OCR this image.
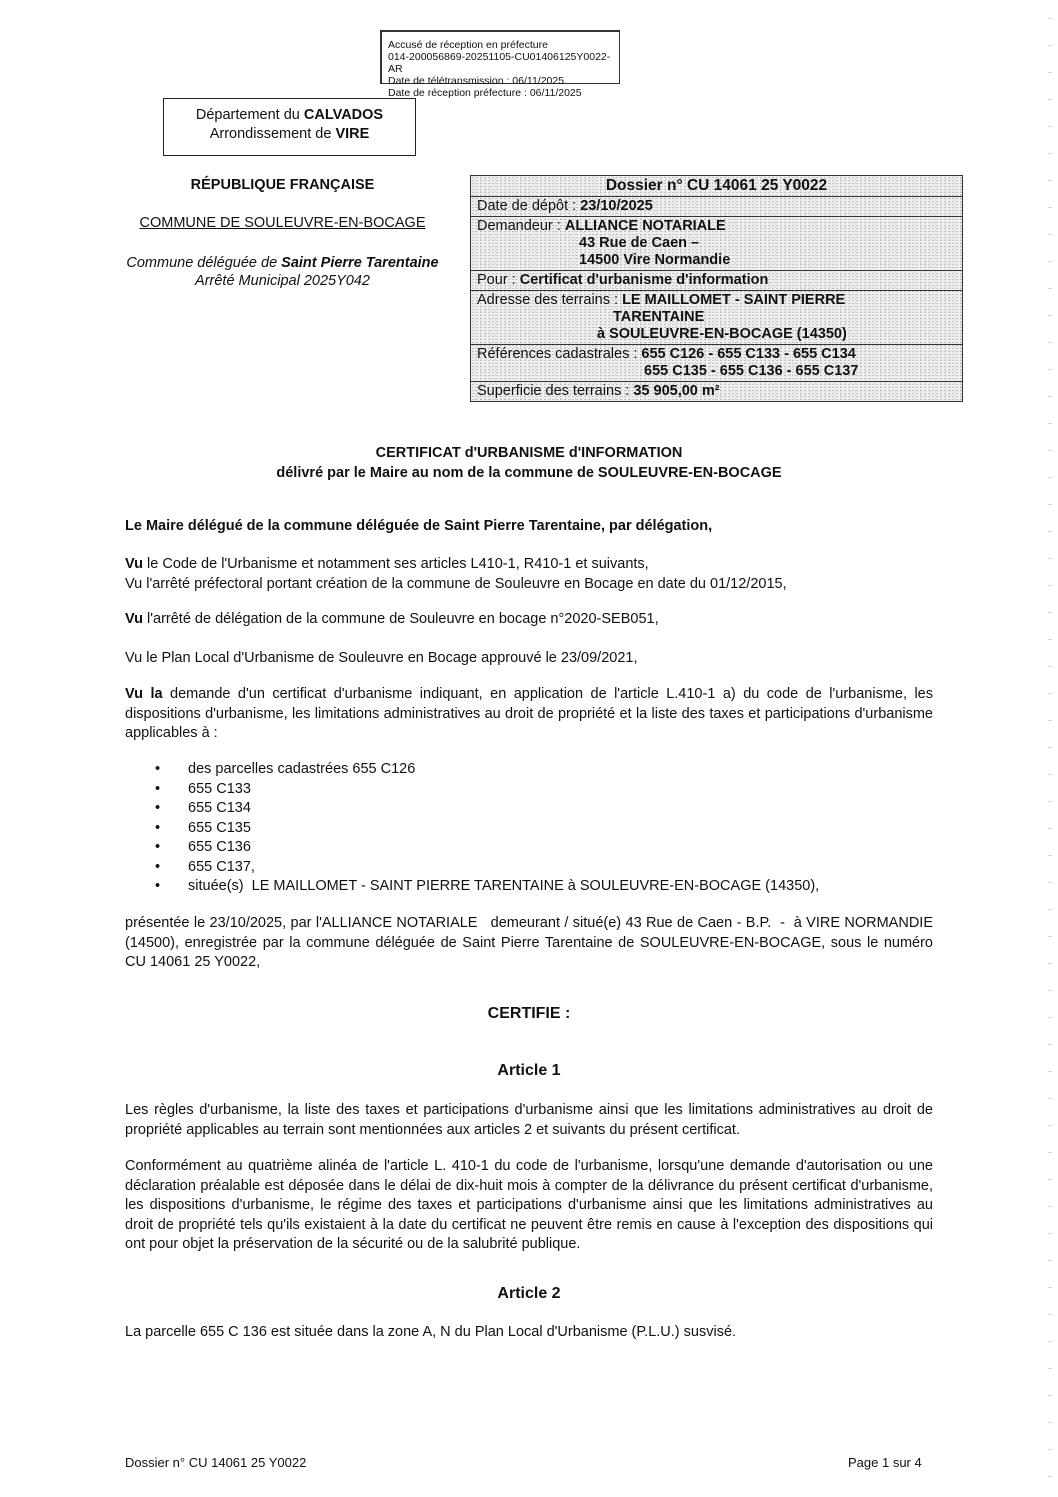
Accusé de réception en préfecture
014-200056869-20251105-CU01406125Y0022-AR
Date de télétransmission : 06/11/2025
Date de réception préfecture : 06/11/2025
Département du CALVADOS
Arrondissement de VIRE
RÉPUBLIQUE FRANÇAISE
COMMUNE DE SOULEUVRE-EN-BOCAGE
Commune déléguée de Saint Pierre Tarentaine
Arrêté Municipal 2025Y042
Dossier n° CU 14061 25 Y0022
Date de dépôt : 23/10/2025
Demandeur : ALLIANCE NOTARIALE
43 Rue de Caen –
14500 Vire Normandie
Pour : Certificat d'urbanisme d'information
Adresse des terrains : LE MAILLOMET - SAINT PIERRE
TARENTAINE
à SOULEUVRE-EN-BOCAGE (14350)
Références cadastrales : 655 C126 - 655 C133 - 655 C134
655 C135 - 655 C136 - 655 C137
Superficie des terrains : 35 905,00 m²
CERTIFICAT d'URBANISME d'INFORMATION
délivré par le Maire au nom de la commune de SOULEUVRE-EN-BOCAGE
Le Maire délégué de la commune déléguée de Saint Pierre Tarentaine, par délégation,
Vu le Code de l'Urbanisme et notamment ses articles L410-1, R410-1 et suivants,
Vu l'arrêté préfectoral portant création de la commune de Souleuvre en Bocage en date du 01/12/2015,
Vu l'arrêté de délégation de la commune de Souleuvre en bocage n°2020-SEB051,
Vu le Plan Local d'Urbanisme de Souleuvre en Bocage approuvé le 23/09/2021,
Vu la demande d'un certificat d'urbanisme indiquant, en application de l'article L.410-1 a) du code de l'urbanisme, les dispositions d'urbanisme, les limitations administratives au droit de propriété et la liste des taxes et participations d'urbanisme applicables à :
• des parcelles cadastrées 655 C126
• 655 C133
• 655 C134
• 655 C135
• 655 C136
• 655 C137,
• située(s)  LE MAILLOMET - SAINT PIERRE TARENTAINE à SOULEUVRE-EN-BOCAGE (14350),
présentée le 23/10/2025, par l'ALLIANCE NOTARIALE   demeurant / situé(e) 43 Rue de Caen - B.P.  -  à VIRE NORMANDIE (14500), enregistrée par la commune déléguée de Saint Pierre Tarentaine de SOULEUVRE-EN-BOCAGE, sous le numéro CU 14061 25 Y0022,
CERTIFIE :
Article 1
Les règles d'urbanisme, la liste des taxes et participations d'urbanisme ainsi que les limitations administratives au droit de propriété applicables au terrain sont mentionnées aux articles 2 et suivants du présent certificat.
Conformément au quatrième alinéa de l'article L. 410-1 du code de l'urbanisme, lorsqu'une demande d'autorisation ou une déclaration préalable est déposée dans le délai de dix-huit mois à compter de la délivrance du présent certificat d'urbanisme, les dispositions d'urbanisme, le régime des taxes et participations d'urbanisme ainsi que les limitations administratives au droit de propriété tels qu'ils existaient à la date du certificat ne peuvent être remis en cause à l'exception des dispositions qui ont pour objet la préservation de la sécurité ou de la salubrité publique.
Article 2
La parcelle 655 C 136 est située dans la zone A, N du Plan Local d'Urbanisme (P.L.U.) susvisé.
Dossier n° CU 14061 25 Y0022	Page 1 sur 4
